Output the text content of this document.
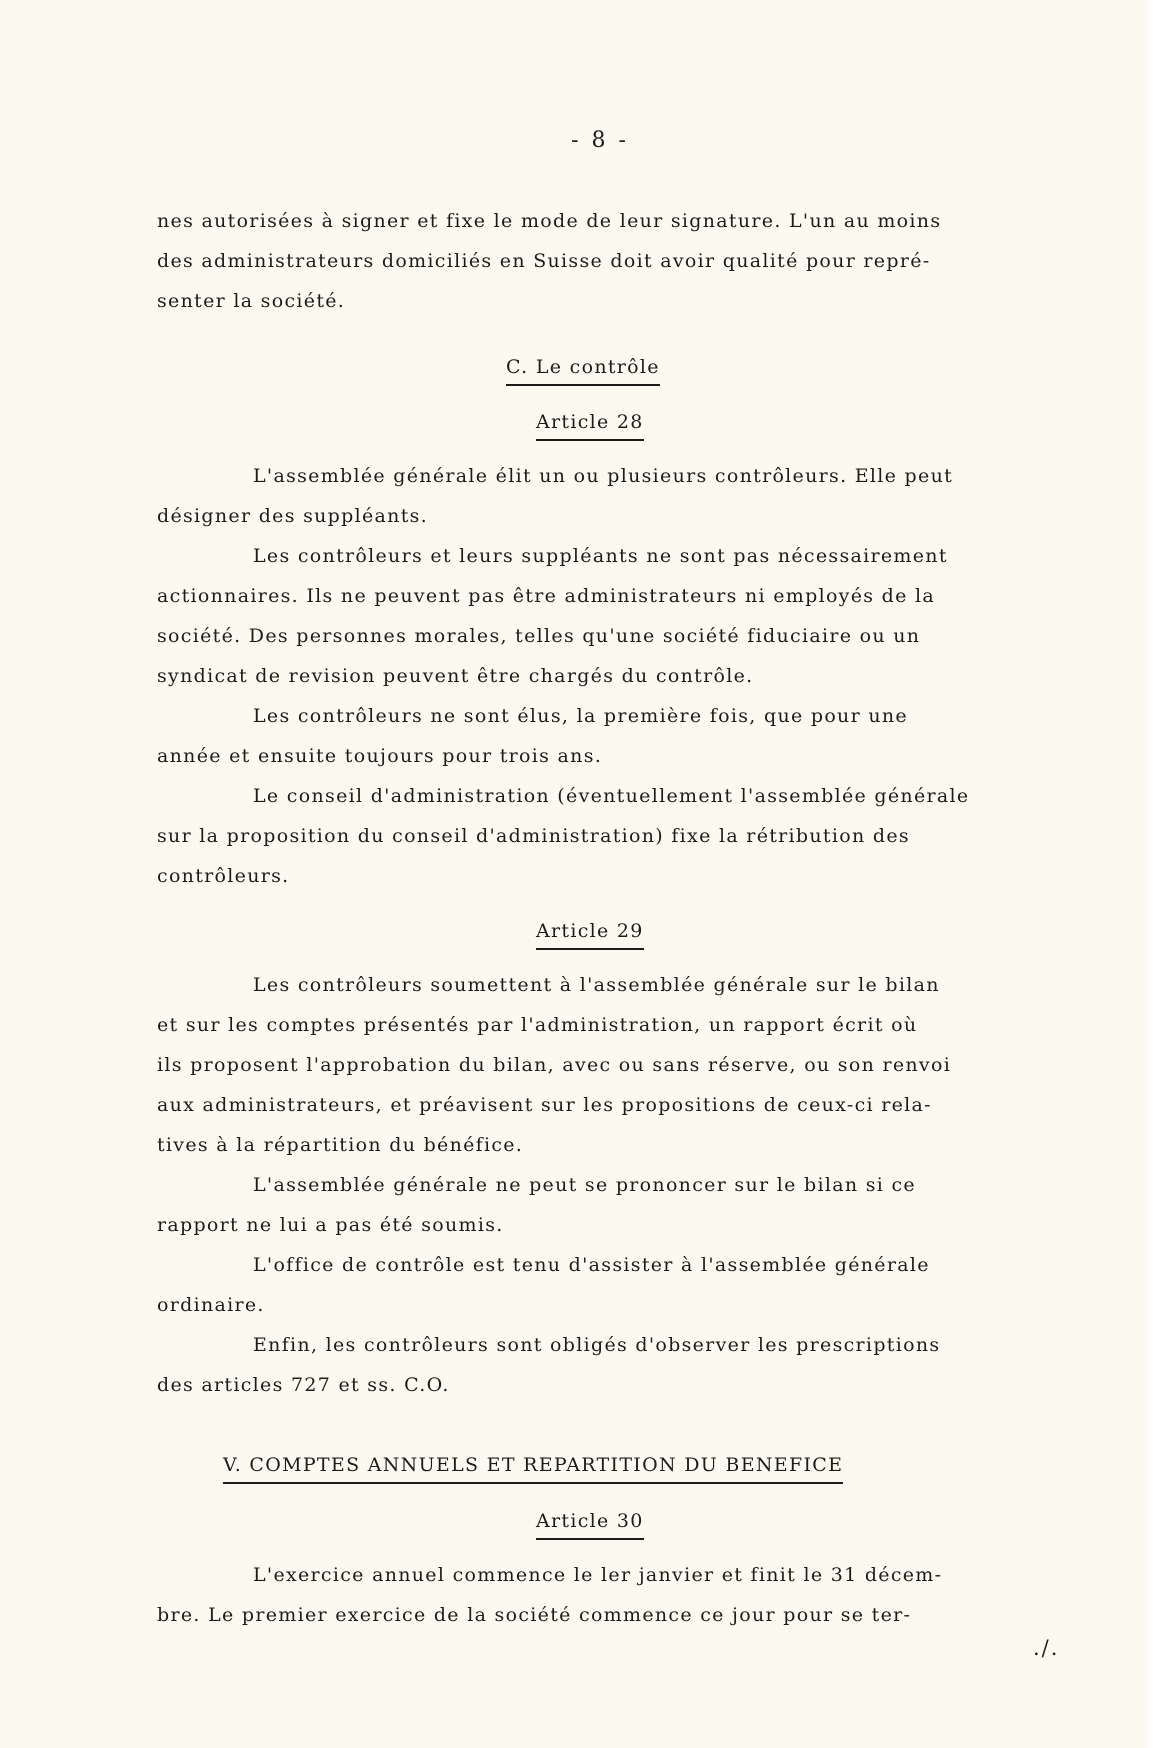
- 8 -
nes autorisées à signer et fixe le mode de leur signature. L'un au moins
des administrateurs domiciliés en Suisse doit avoir qualité pour repré-
senter la société.
C. Le contrôle
Article 28
L'assemblée générale élit un ou plusieurs contrôleurs. Elle peut
désigner des suppléants.
Les contrôleurs et leurs suppléants ne sont pas nécessairement
actionnaires. Ils ne peuvent pas être administrateurs ni employés de la
société. Des personnes morales, telles qu'une société fiduciaire ou un
syndicat de revision peuvent être chargés du contrôle.
Les contrôleurs ne sont élus, la première fois, que pour une
année et ensuite toujours pour trois ans.
Le conseil d'administration (éventuellement l'assemblée générale
sur la proposition du conseil d'administration) fixe la rétribution des
contrôleurs.
Article 29
Les contrôleurs soumettent à l'assemblée générale sur le bilan
et sur les comptes présentés par l'administration, un rapport écrit où
ils proposent l'approbation du bilan, avec ou sans réserve, ou son renvoi
aux administrateurs, et préavisent sur les propositions de ceux-ci rela-
tives à la répartition du bénéfice.
L'assemblée générale ne peut se prononcer sur le bilan si ce
rapport ne lui a pas été soumis.
L'office de contrôle est tenu d'assister à l'assemblée générale
ordinaire.
Enfin, les contrôleurs sont obligés d'observer les prescriptions
des articles 727 et ss. C.O.
V. COMPTES ANNUELS ET REPARTITION DU BENEFICE
Article 30
L'exercice annuel commence le ler janvier et finit le 31 décem-
bre. Le premier exercice de la société commence ce jour pour se ter-
./.
